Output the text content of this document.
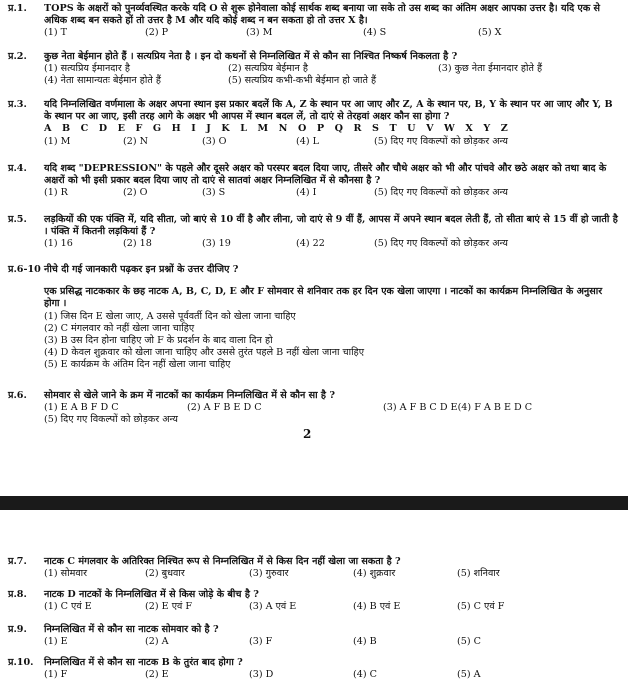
प्र.1.	TOPS के अक्षरों को पुनर्व्यवस्थित करके यदि O से शुरू होनेवाला कोई सार्थक शब्द बनाया जा सके तो उस शब्द का अंतिम अक्षर आपका उत्तर है। यदि एक से अधिक शब्द बन सकते हों तो उत्तर है M और यदि कोई शब्द न बन सकता हो तो उत्तर X है।
(1) T	(2) P	(3) M	(4) S	(5) X
प्र.2.	कुछ नेता बेईमान होते हैं । सत्यप्रिय नेता है । इन दो कथनों से निम्नलिखित में से कौन सा निश्चित निष्कर्ष निकलता है ?
(1) सत्यप्रिय ईमानदार है	(2) सत्यप्रिय बेईमान है	(3) कुछ नेता ईमानदार होते हैं
(4) नेता सामान्यतः बेईमान होते हैं	(5) सत्यप्रिय कभी-कभी बेईमान हो जाते हैं
प्र.3.	यदि निम्नलिखित वर्णमाला के अक्षर अपना स्थान इस प्रकार बदलें कि A, Z के स्थान पर आ जाए और Z, A के स्थान पर, B, Y के स्थान पर आ जाए और Y, B के स्थान पर आ जाए, इसी तरह आगे के अक्षर भी आपस में स्थान बदल लें, तो दाएं से तेरहवां अक्षर कौन सा होगा ?
A B C D E F G H I J K L M N O P Q R S T U V W X Y Z
(1) M	(2) N	(3) O	(4) L	(5) दिए गए विकल्पों को छोड़कर अन्य
प्र.4.	यदि शब्द "DEPRESSION" के पहले और दूसरे अक्षर को परस्पर बदल दिया जाए, तीसरे और चौथे अक्षर को भी और पांचवे और छठे अक्षर को तथा बाद के अक्षरों को भी इसी प्रकार बदल दिया जाए तो दाएं से सातवां अक्षर निम्नलिखित में से कौनसा है ?
(1) R	(2) O	(3) S	(4) I	(5) दिए गए विकल्पों को छोड़कर अन्य
प्र.5.	लड़कियों की एक पंक्ति में, यदि सीता, जो बाएं से 10 वीं है और लीना, जो दाएं से 9 वीं हैं, आपस में अपने स्थान बदल लेती हैं, तो सीता बाएं से 15 वीं हो जाती है । पंक्ति में कितनी लड़कियां हैं ?
(1) 16	(2) 18	(3) 19	(4) 22	(5) दिए गए विकल्पों को छोड़कर अन्य
प्र.6-10 नीचे दी गई जानकारी पढ़कर इन प्रश्नों के उत्तर दीजिए ?
एक प्रसिद्ध नाटककार के छह नाटक A, B, C, D, E और F सोमवार से शनिवार तक हर दिन एक खेला जाएगा । नाटकों का कार्यक्रम निम्नलिखित के अनुसार होगा ।
(1) जिस दिन E खेला जाए, A उससे पूर्ववर्ती दिन को खेला जाना चाहिए
(2) C मंगलवार को नहीं खेला जाना चाहिए
(3) B उस दिन होना चाहिए जो F के प्रदर्शन के बाद वाला दिन हो
(4) D केवल शुक्रवार को खेला जाना चाहिए और उससे तुरंत पहले B नहीं खेला जाना चाहिए
(5) E कार्यक्रम के अंतिम दिन नहीं खेला जाना चाहिए
प्र.6.	सोमवार से खेले जाने के क्रम में नाटकों का कार्यक्रम निम्नलिखित में से कौन सा है ?
(1) E A B F D C	(2) A F B E D C	(3) A F B C D E (4) F A B E D C
(5) दिए गए विकल्पों को छोड़कर अन्य
2
प्र.7.	नाटक C मंगलवार के अतिरिक्त निश्चित रूप से निम्नलिखित में से किस दिन नहीं खेला जा सकता है ?
(1) सोमवार	(2) बुधवार	(3) गुरुवार	(4) शुक्रवार	(5) शनिवार
प्र.8.	नाटक D नाटकों के निम्नलिखित में से किस जोड़े के बीच है ?
(1) C एवं E	(2) E एवं F	(3) A एवं E	(4) B एवं E	(5) C एवं F
प्र.9.	निम्नलिखित में से कौन सा नाटक सोमवार को है ?
(1) E	(2) A	(3) F	(4) B	(5) C
प्र.10.	निम्नलिखित में से कौन सा नाटक B के तुरंत बाद होगा ?
(1) F	(2) E	(3) D	(4) C	(5) A
